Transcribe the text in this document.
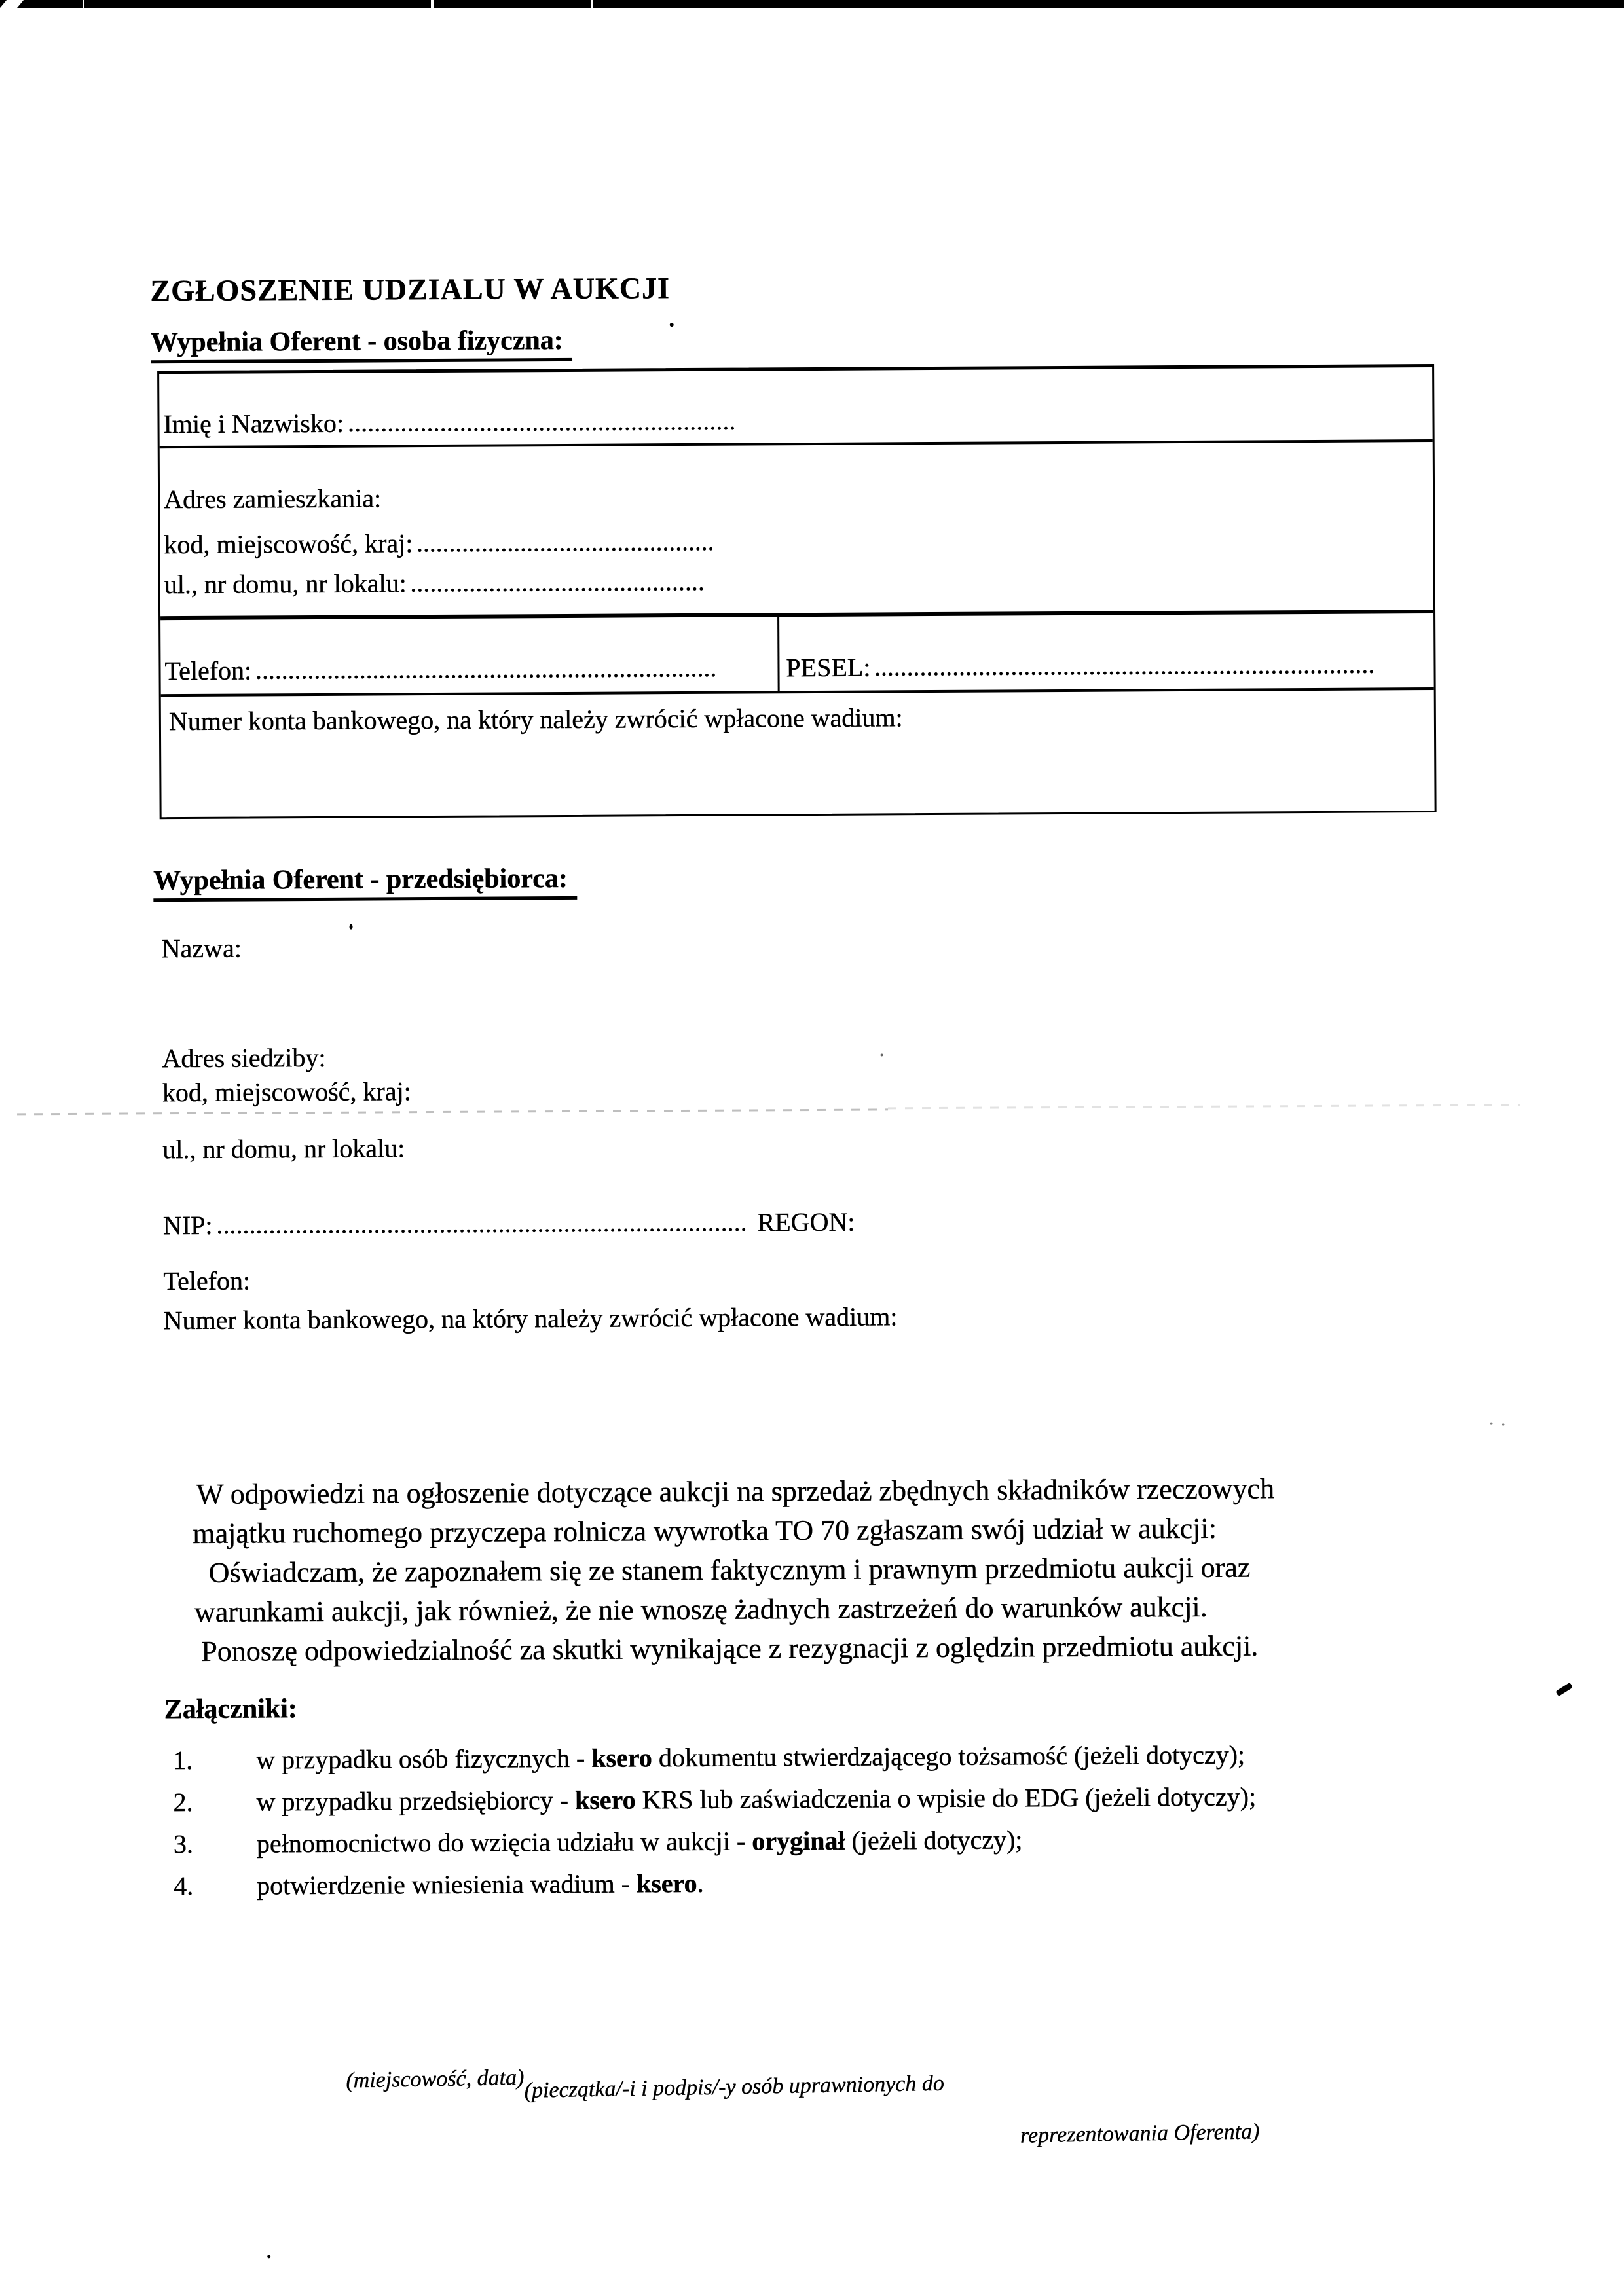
ZGŁOSZENIE UDZIALU W AUKCJI
Wypełnia Oferent - osoba fizyczna:
Imię i Nazwisko:
Adres zamieszkania:
kod, miejscowość, kraj:
ul., nr domu, nr lokalu:
Telefon:	PESEL:
Numer konta bankowego, na który należy zwrócić wpłacone wadium:
Wypełnia Oferent - przedsiębiorca:
Nazwa:
Adres siedziby:
kod, miejscowość, kraj:
ul., nr domu, nr lokalu:
NIP:	REGON:
Telefon:
Numer konta bankowego, na który należy zwrócić wpłacone wadium:
W odpowiedzi na ogłoszenie dotyczące aukcji na sprzedaż zbędnych składników rzeczowych
majątku ruchomego przyczepa rolnicza wywrotka TO 70 zgłaszam swój udział w aukcji:
Oświadczam, że zapoznałem się ze stanem faktycznym i prawnym przedmiotu aukcji oraz
warunkami aukcji, jak również, że nie wnoszę żadnych zastrzeżeń do warunków aukcji.
Ponoszę odpowiedzialność za skutki wynikające z rezygnacji z oględzin przedmiotu aukcji.
Załączniki:
1. w przypadku osób fizycznych - ksero dokumentu stwierdzającego tożsamość (jeżeli dotyczy);
2. w przypadku przedsiębiorcy - ksero KRS lub zaświadczenia o wpisie do EDG (jeżeli dotyczy);
3. pełnomocnictwo do wzięcia udziału w aukcji - oryginał (jeżeli dotyczy);
4. potwierdzenie wniesienia wadium - ksero.
(miejscowość, data) (pieczątka/-i i podpis/-y osób uprawnionych do
reprezentowania Oferenta)
